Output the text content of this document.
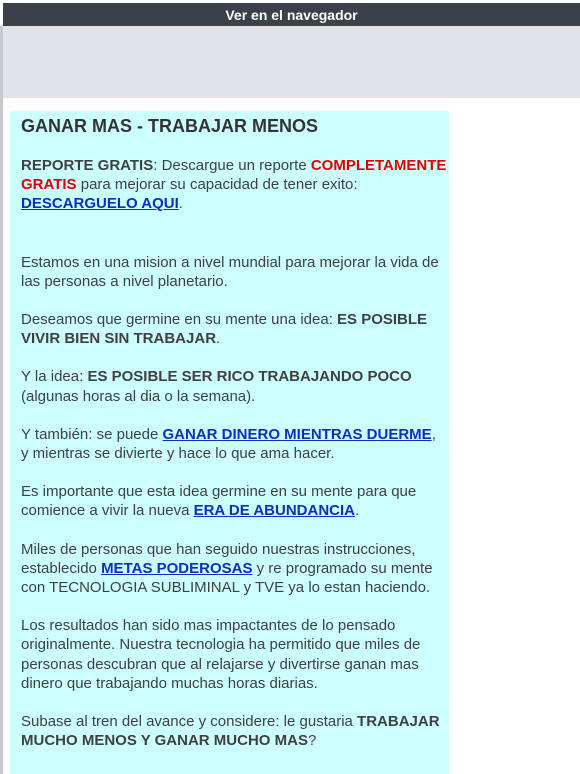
Ver en el navegador
GANAR MAS - TRABAJAR MENOS

REPORTE GRATIS: Descargue un reporte COMPLETAMENTE GRATIS para mejorar su capacidad de tener exito: DESCARGUELO AQUI.

Estamos en una mision a nivel mundial para mejorar la vida de las personas a nivel planetario.

Deseamos que germine en su mente una idea: ES POSIBLE VIVIR BIEN SIN TRABAJAR.

Y la idea: ES POSIBLE SER RICO TRABAJANDO POCO (algunas horas al dia o la semana).

Y también: se puede GANAR DINERO MIENTRAS DUERME, y mientras se divierte y hace lo que ama hacer.

Es importante que esta idea germine en su mente para que comience a vivir la nueva ERA DE ABUNDANCIA.

Miles de personas que han seguido nuestras instrucciones, establecido METAS PODEROSAS y re programado su mente con TECNOLOGIA SUBLIMINAL y TVE ya lo estan haciendo.

Los resultados han sido mas impactantes de lo pensado originalmente. Nuestra tecnologia ha permitido que miles de personas descubran que al relajarse y divertirse ganan mas dinero que trabajando muchas horas diarias.

Subase al tren del avance y considere: le gustaria TRABAJAR MUCHO MENOS Y GANAR MUCHO MAS?
